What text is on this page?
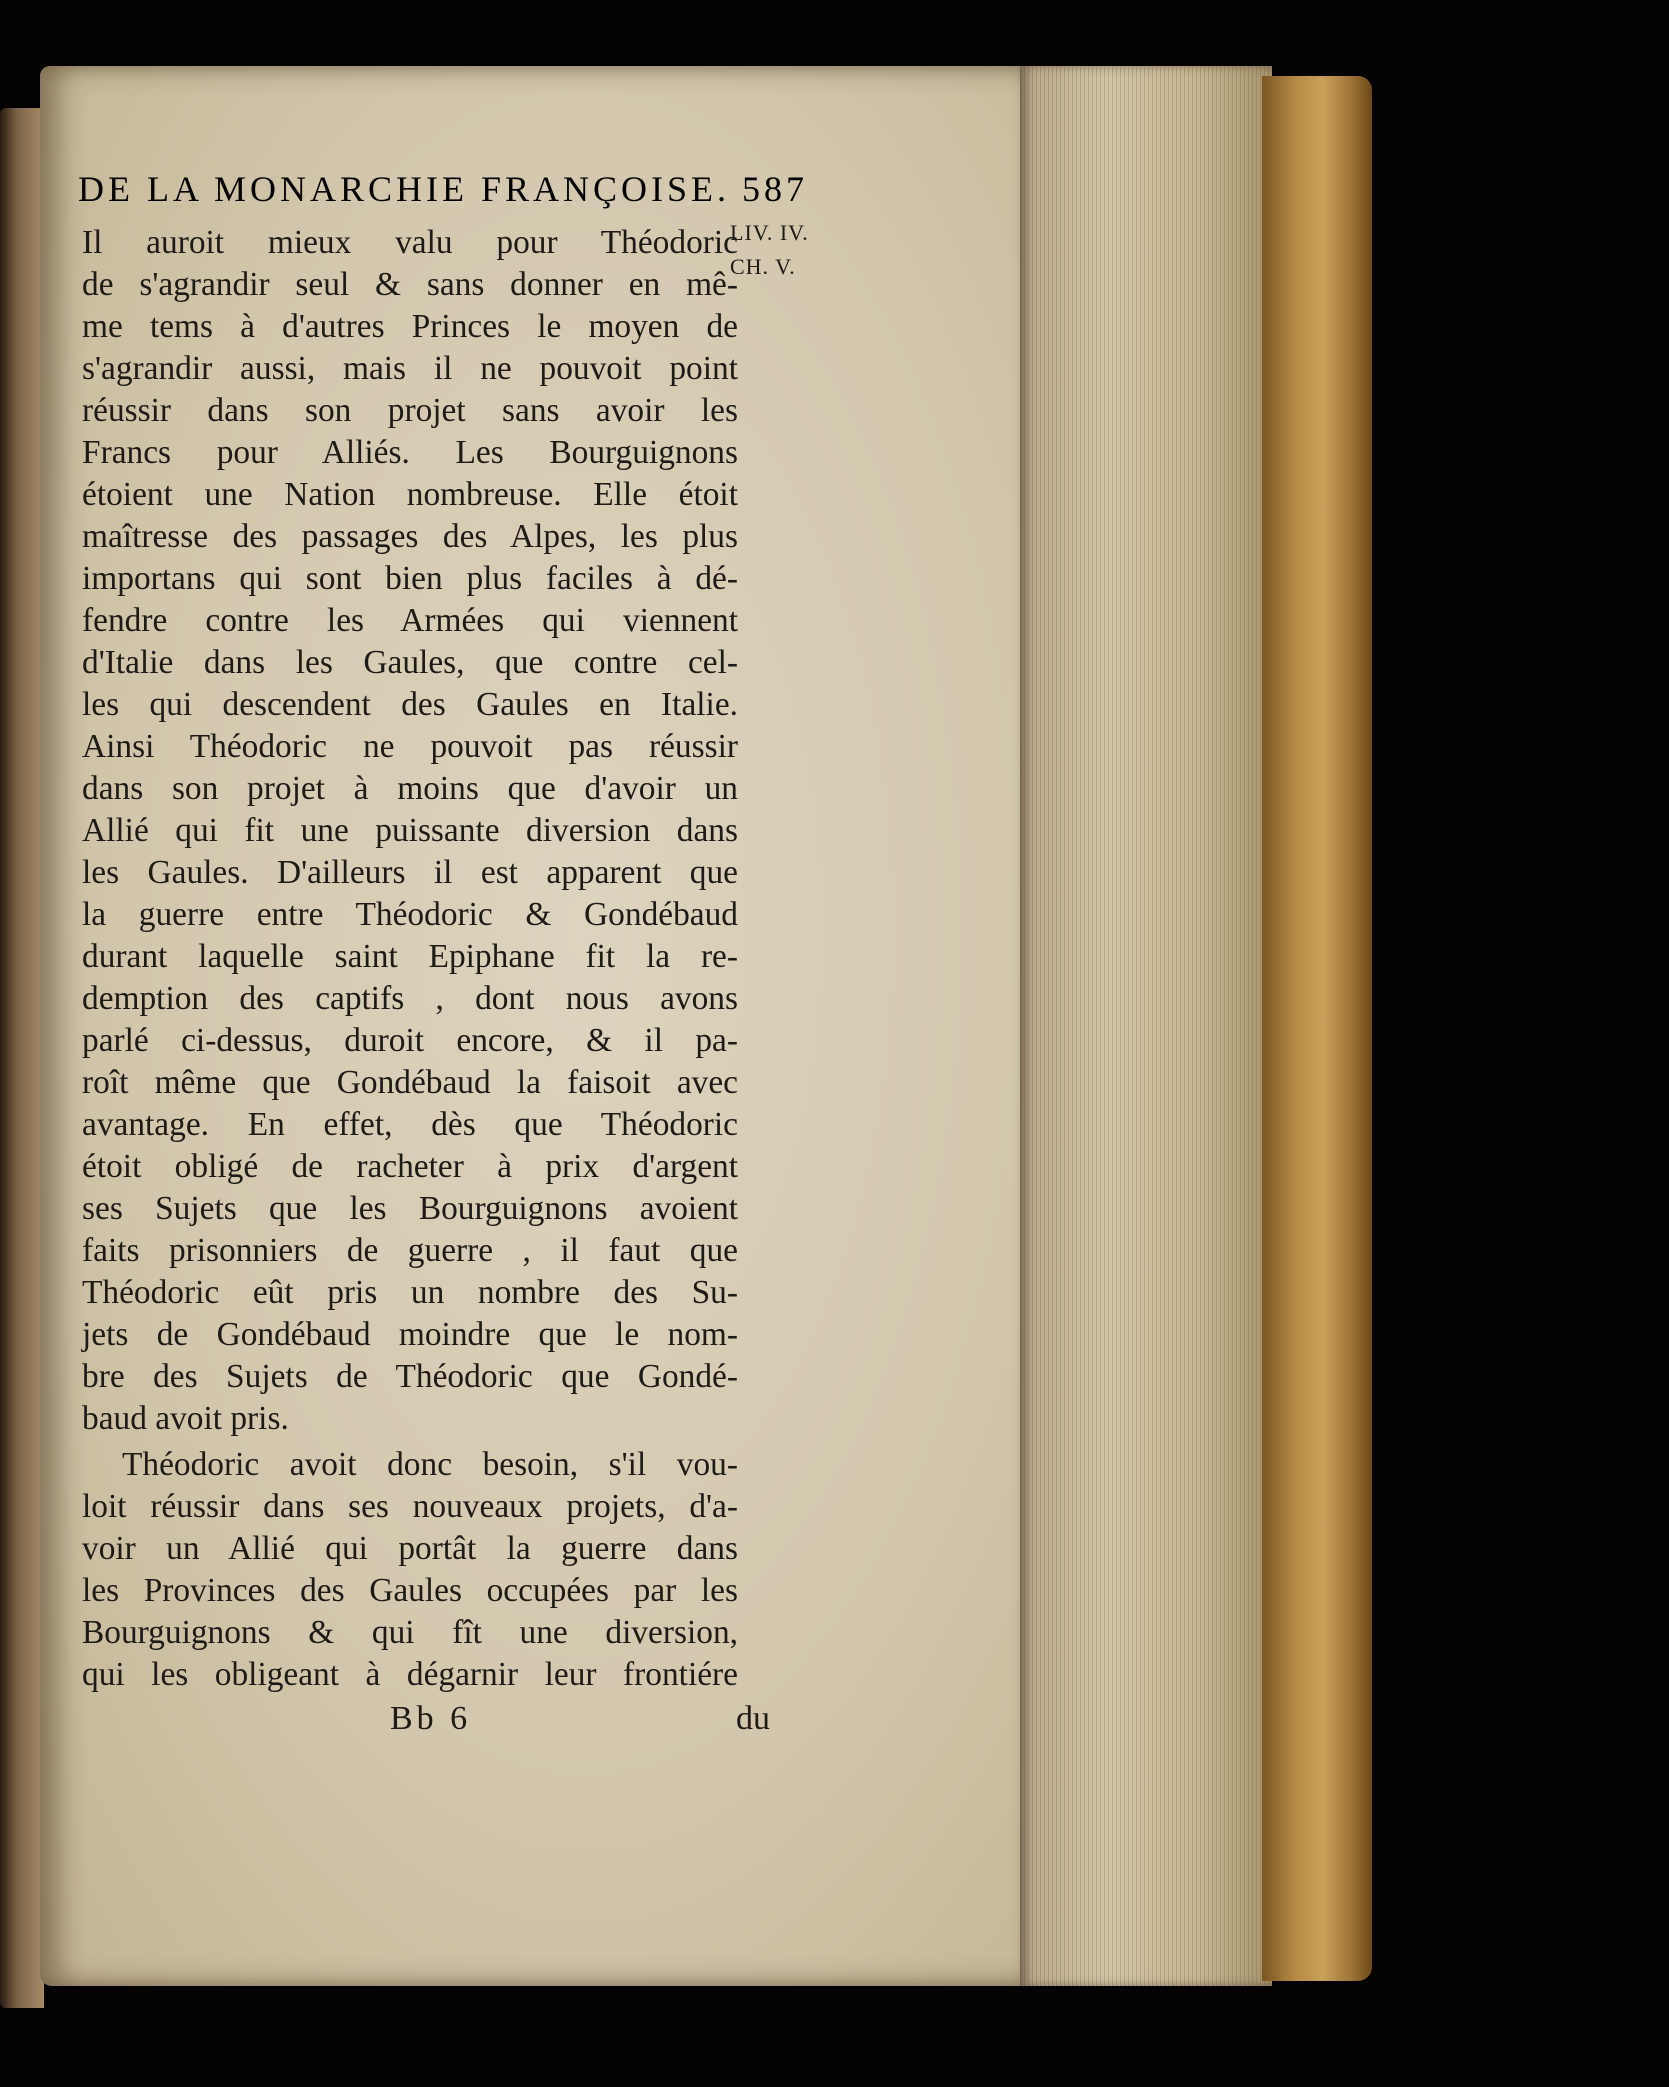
DE LA MONARCHIE FRANÇOISE. 587
LIV. IV.
CH. V.
Il auroit mieux valu pour Théodoric
de s'agrandir seul & sans donner en mê-
me tems à d'autres Princes le moyen de
s'agrandir aussi, mais il ne pouvoit point
réussir dans son projet sans avoir les
Francs pour Alliés. Les Bourguignons
étoient une Nation nombreuse. Elle étoit
maîtresse des passages des Alpes, les plus
importans qui sont bien plus faciles à dé-
fendre contre les Armées qui viennent
d'Italie dans les Gaules, que contre cel-
les qui descendent des Gaules en Italie.
Ainsi Théodoric ne pouvoit pas réussir
dans son projet à moins que d'avoir un
Allié qui fit une puissante diversion dans
les Gaules. D'ailleurs il est apparent que
la guerre entre Théodoric & Gondébaud
durant laquelle saint Epiphane fit la re-
demption des captifs , dont nous avons
parlé ci-dessus, duroit encore, & il pa-
roît même que Gondébaud la faisoit avec
avantage. En effet, dès que Théodoric
étoit obligé de racheter à prix d'argent
ses Sujets que les Bourguignons avoient
faits prisonniers de guerre , il faut que
Théodoric eût pris un nombre des Su-
jets de Gondébaud moindre que le nom-
bre des Sujets de Théodoric que Gondé-
baud avoit pris.
Théodoric avoit donc besoin, s'il vou-
loit réussir dans ses nouveaux projets, d'a-
voir un Allié qui portât la guerre dans
les Provinces des Gaules occupées par les
Bourguignons & qui fît une diversion,
qui les obligeant à dégarnir leur frontiére
Bb 6	du
